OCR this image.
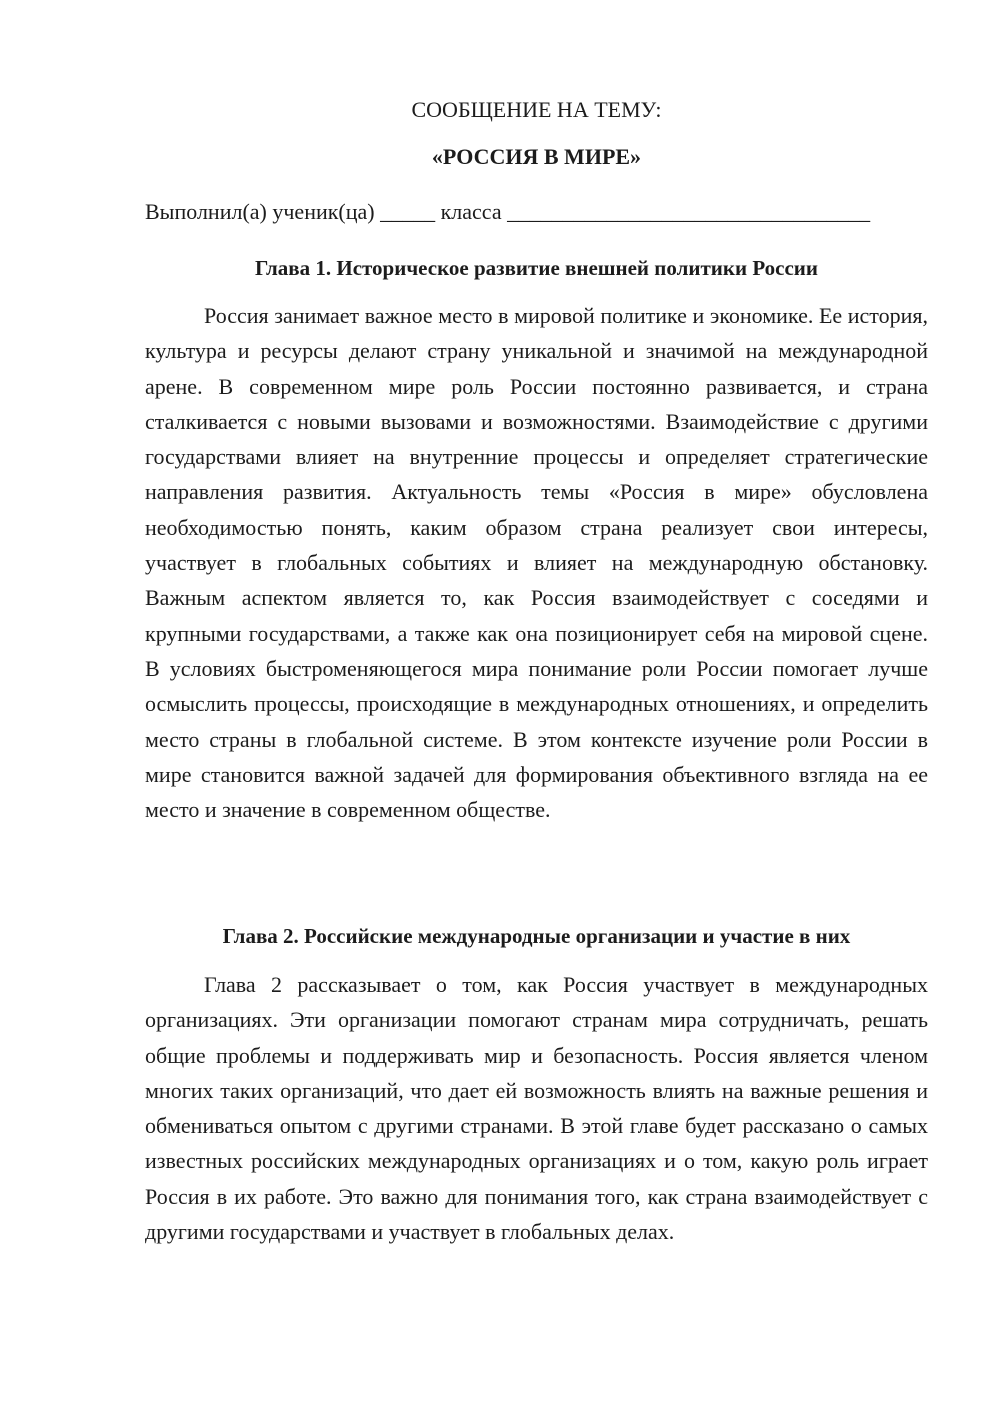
СООБЩЕНИЕ НА ТЕМУ:
«РОССИЯ В МИРЕ»
Выполнил(а) ученик(ца) _____ класса _________________________________
Глава 1. Историческое развитие внешней политики России

Россия занимает важное место в мировой политике и экономике. Ее история, культура и ресурсы делают страну уникальной и значимой на международной арене. В современном мире роль России постоянно развивается, и страна сталкивается с новыми вызовами и возможностями. Взаимодействие с другими государствами влияет на внутренние процессы и определяет стратегические направления развития. Актуальность темы «Россия в мире» обусловлена необходимостью понять, каким образом страна реализует свои интересы, участвует в глобальных событиях и влияет на международную обстановку. Важным аспектом является то, как Россия взаимодействует с соседями и крупными государствами, а также как она позиционирует себя на мировой сцене. В условиях быстроменяющегося мира понимание роли России помогает лучше осмыслить процессы, происходящие в международных отношениях, и определить место страны в глобальной системе. В этом контексте изучение роли России в мире становится важной задачей для формирования объективного взгляда на ее место и значение в современном обществе.

Глава 2. Российские международные организации и участие в них

Глава 2 рассказывает о том, как Россия участвует в международных организациях. Эти организации помогают странам мира сотрудничать, решать общие проблемы и поддерживать мир и безопасность. Россия является членом многих таких организаций, что дает ей возможность влиять на важные решения и обмениваться опытом с другими странами. В этой главе будет рассказано о самых известных российских международных организациях и о том, какую роль играет Россия в их работе. Это важно для понимания того, как страна взаимодействует с другими государствами и участвует в глобальных делах.
